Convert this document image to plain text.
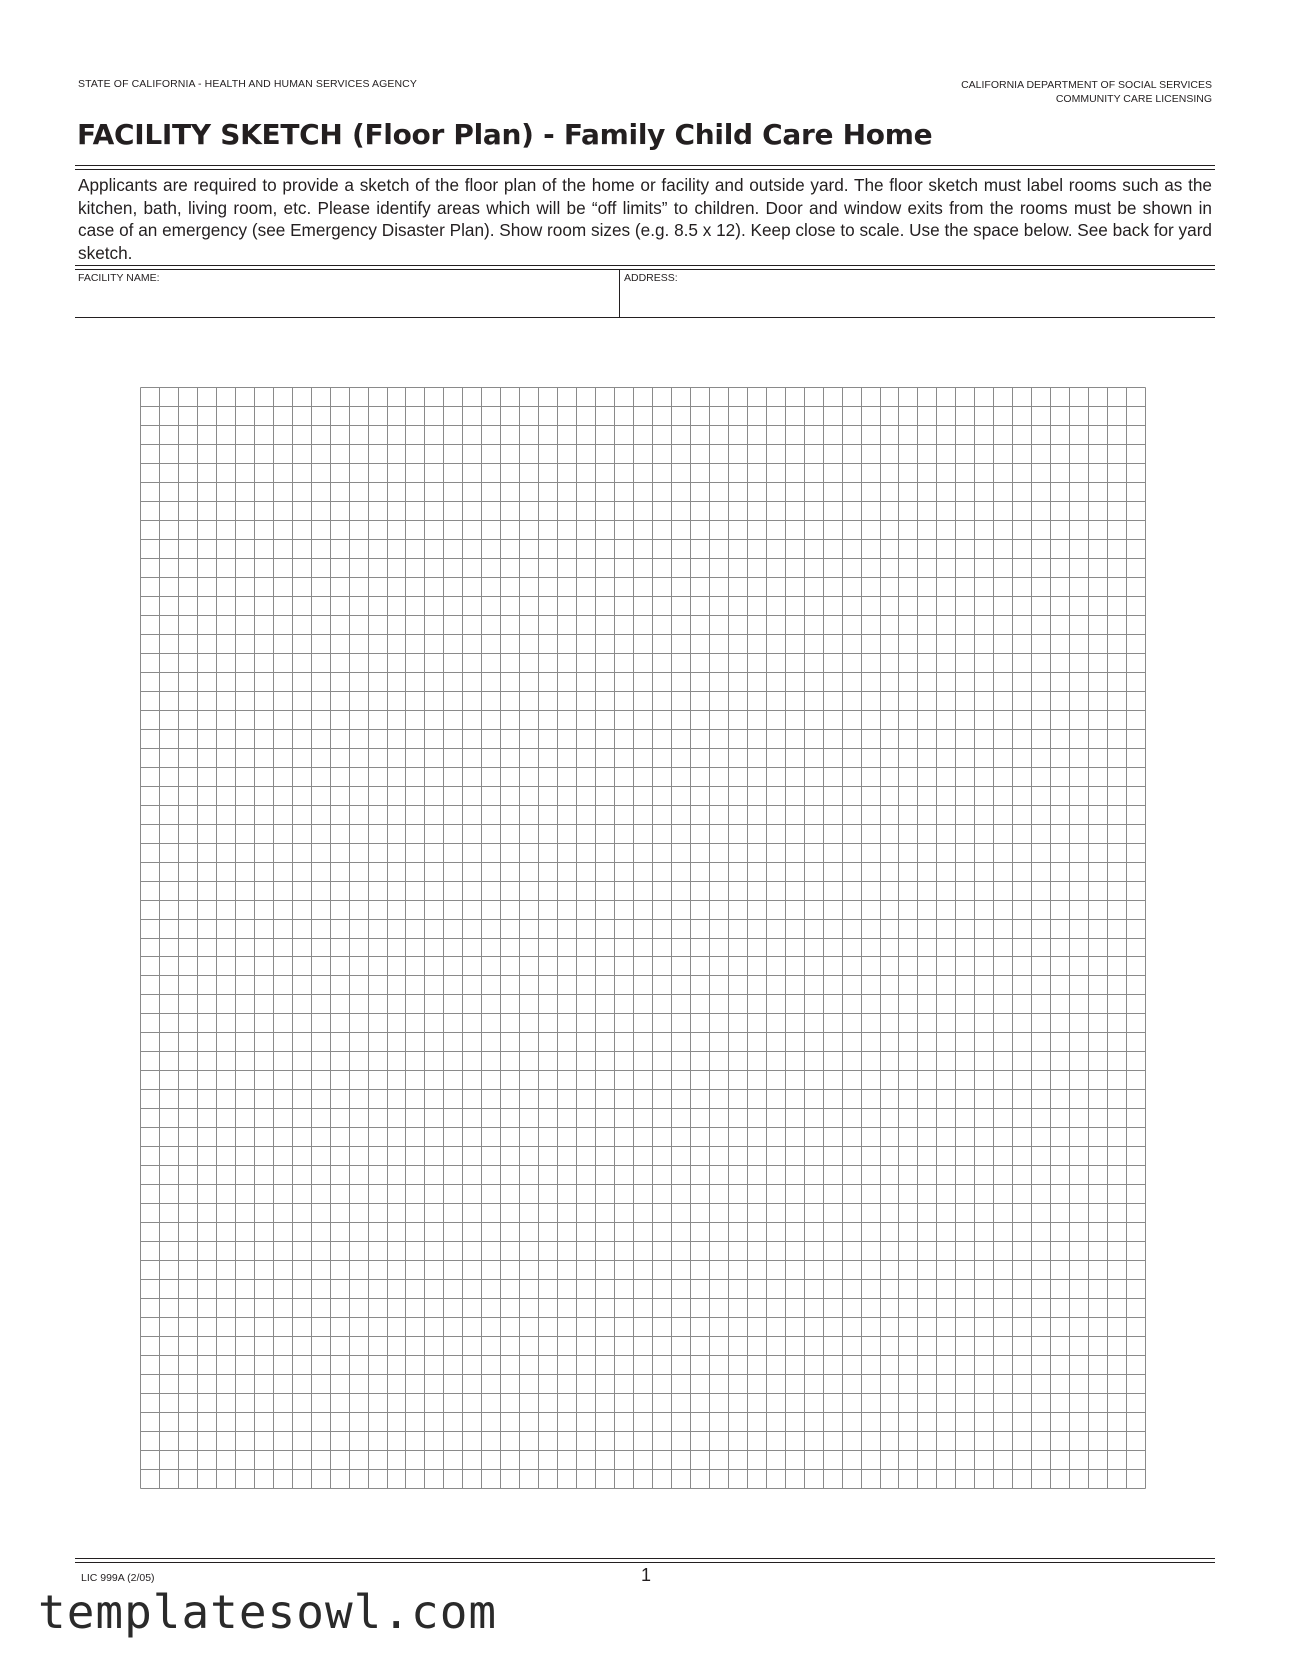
STATE OF CALIFORNIA - HEALTH AND HUMAN SERVICES AGENCY	CALIFORNIA DEPARTMENT OF SOCIAL SERVICES
COMMUNITY CARE LICENSING
FACILITY SKETCH (Floor Plan) - Family Child Care Home
Applicants are required to provide a sketch of the floor plan of the home or facility and outside yard. The floor sketch must label rooms such as the kitchen, bath, living room, etc. Please identify areas which will be “off limits” to children. Door and window exits from the rooms must be shown in case of an emergency (see Emergency Disaster Plan). Show room sizes (e.g. 8.5 x 12). Keep close to scale. Use the space below. See back for yard sketch.
FACILITY NAME:	ADDRESS:
LIC 999A (2/05)	1
templatesowl.com
